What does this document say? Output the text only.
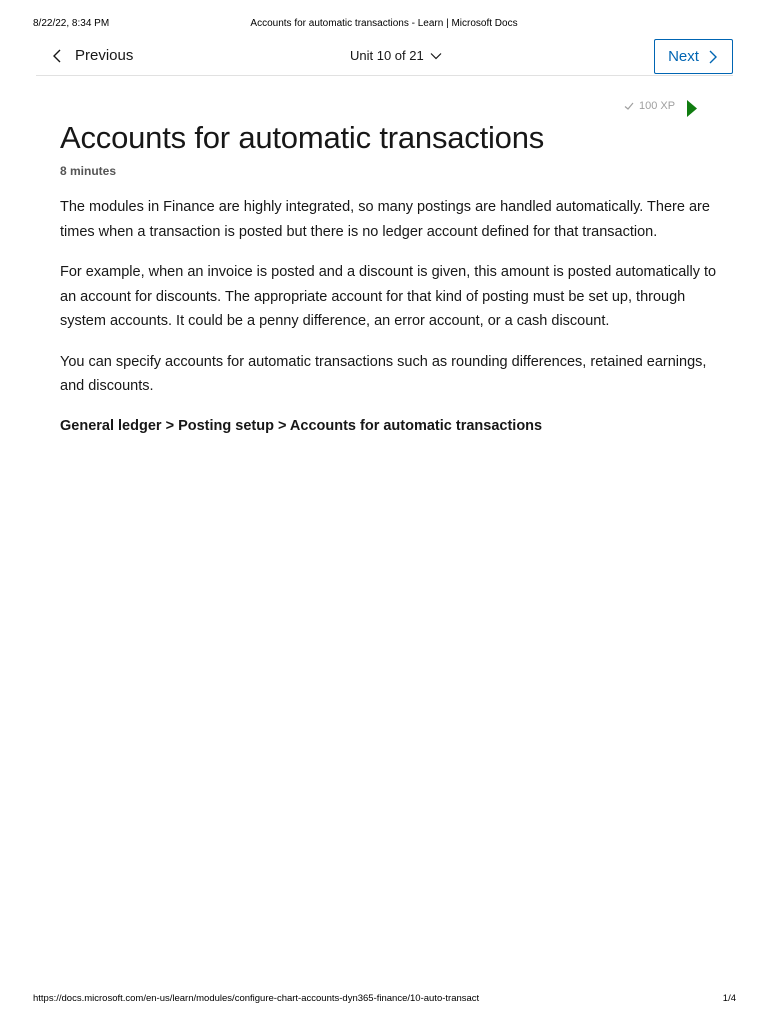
8/22/22, 8:34 PM	Accounts for automatic transactions - Learn | Microsoft Docs
Previous	Unit 10 of 21	Next
100 XP
Accounts for automatic transactions
8 minutes

The modules in Finance are highly integrated, so many postings are handled automatically. There are times when a transaction is posted but there is no ledger account defined for that transaction.

For example, when an invoice is posted and a discount is given, this amount is posted automatically to an account for discounts. The appropriate account for that kind of posting must be set up, through system accounts. It could be a penny difference, an error account, or a cash discount.

You can specify accounts for automatic transactions such as rounding differences, retained earnings, and discounts.

General ledger > Posting setup > Accounts for automatic transactions

https://docs.microsoft.com/en-us/learn/modules/configure-chart-accounts-dyn365-finance/10-auto-transact	1/4
